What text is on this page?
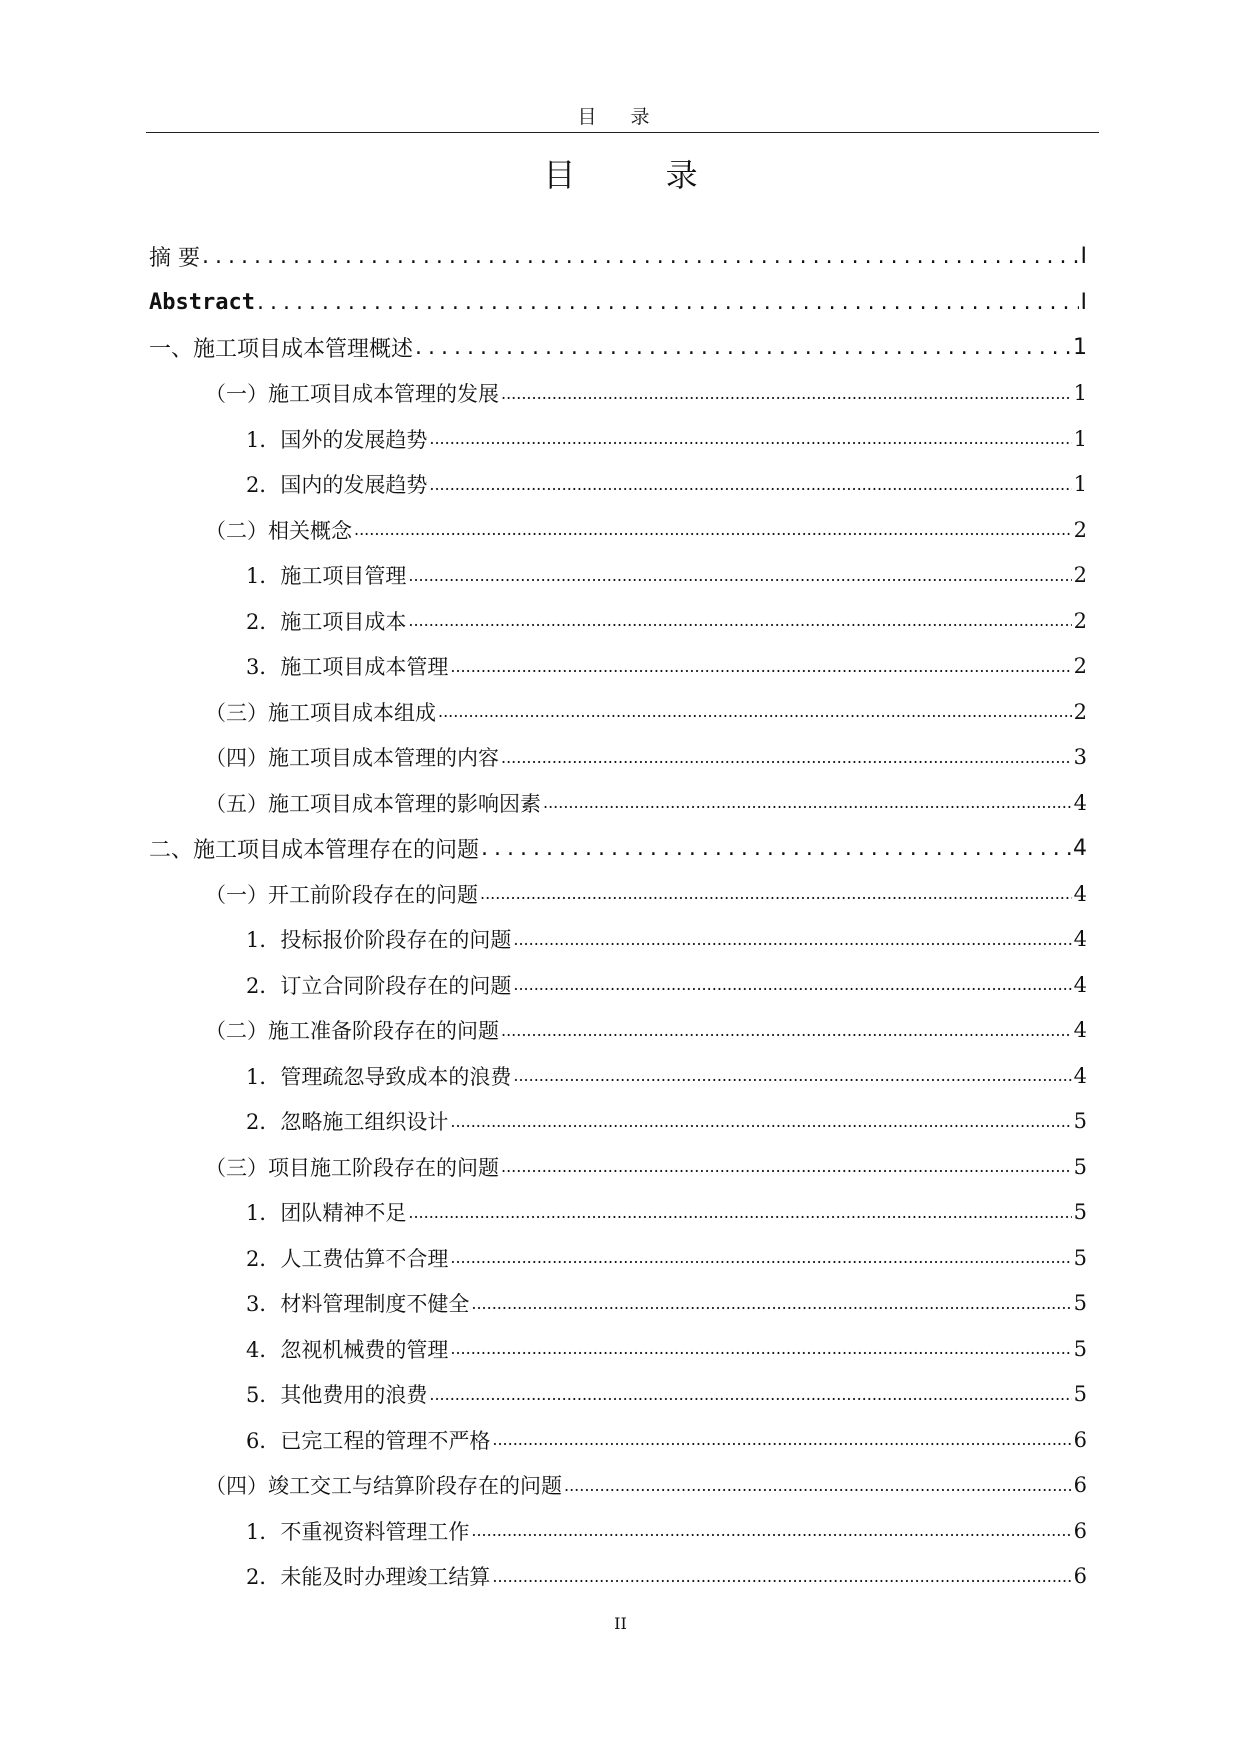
目 录
目 录
摘 要 .....	I
Abstract .....	I
一、施工项目成本管理概述 .....	1
（一）施工项目成本管理的发展 .....	1
1．国外的发展趋势 .....	1
2．国内的发展趋势 .....	1
（二）相关概念 .....	2
1．施工项目管理 .....	2
2．施工项目成本 .....	2
3．施工项目成本管理 .....	2
（三）施工项目成本组成 .....	2
（四）施工项目成本管理的内容 .....	3
（五）施工项目成本管理的影响因素 .....	4
二、施工项目成本管理存在的问题 .....	4
（一）开工前阶段存在的问题 .....	4
1．投标报价阶段存在的问题 .....	4
2．订立合同阶段存在的问题 .....	4
（二）施工准备阶段存在的问题 .....	4
1．管理疏忽导致成本的浪费 .....	4
2．忽略施工组织设计 .....	5
（三）项目施工阶段存在的问题 .....	5
1．团队精神不足 .....	5
2．人工费估算不合理 .....	5
3．材料管理制度不健全 .....	5
4．忽视机械费的管理 .....	5
5．其他费用的浪费 .....	5
6．已完工程的管理不严格 .....	6
（四）竣工交工与结算阶段存在的问题 .....	6
1．不重视资料管理工作 .....	6
2．未能及时办理竣工结算 .....	6
II
